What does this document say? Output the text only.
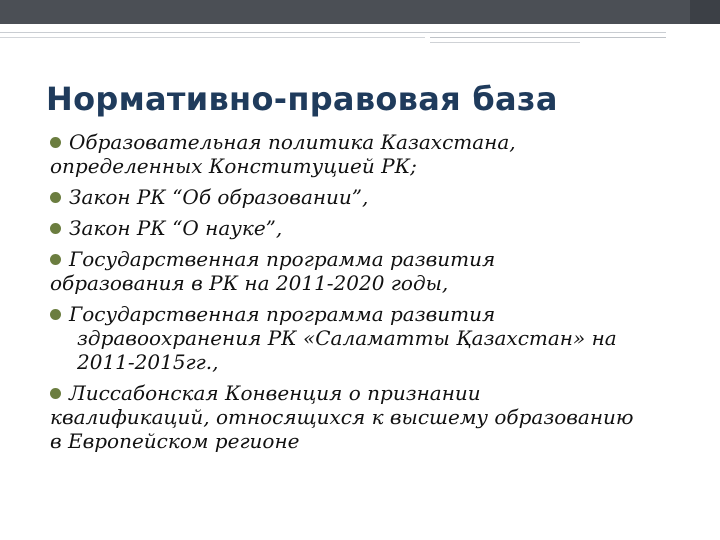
Нормативно-правовая база
Образовательная политика Казахстана,
определенных Конституцией РК;
Закон РК “Об образовании”,
Закон РК “О науке”,
Государственная программа развития
образования в РК на 2011-2020 годы,
Государственная программа развития
здравоохранения РК «Саламатты Қазахстан» на
2011-2015гг.,
Лиссабонская Конвенция о признании
квалификаций, относящихся к высшему образованию
в Европейском регионе
